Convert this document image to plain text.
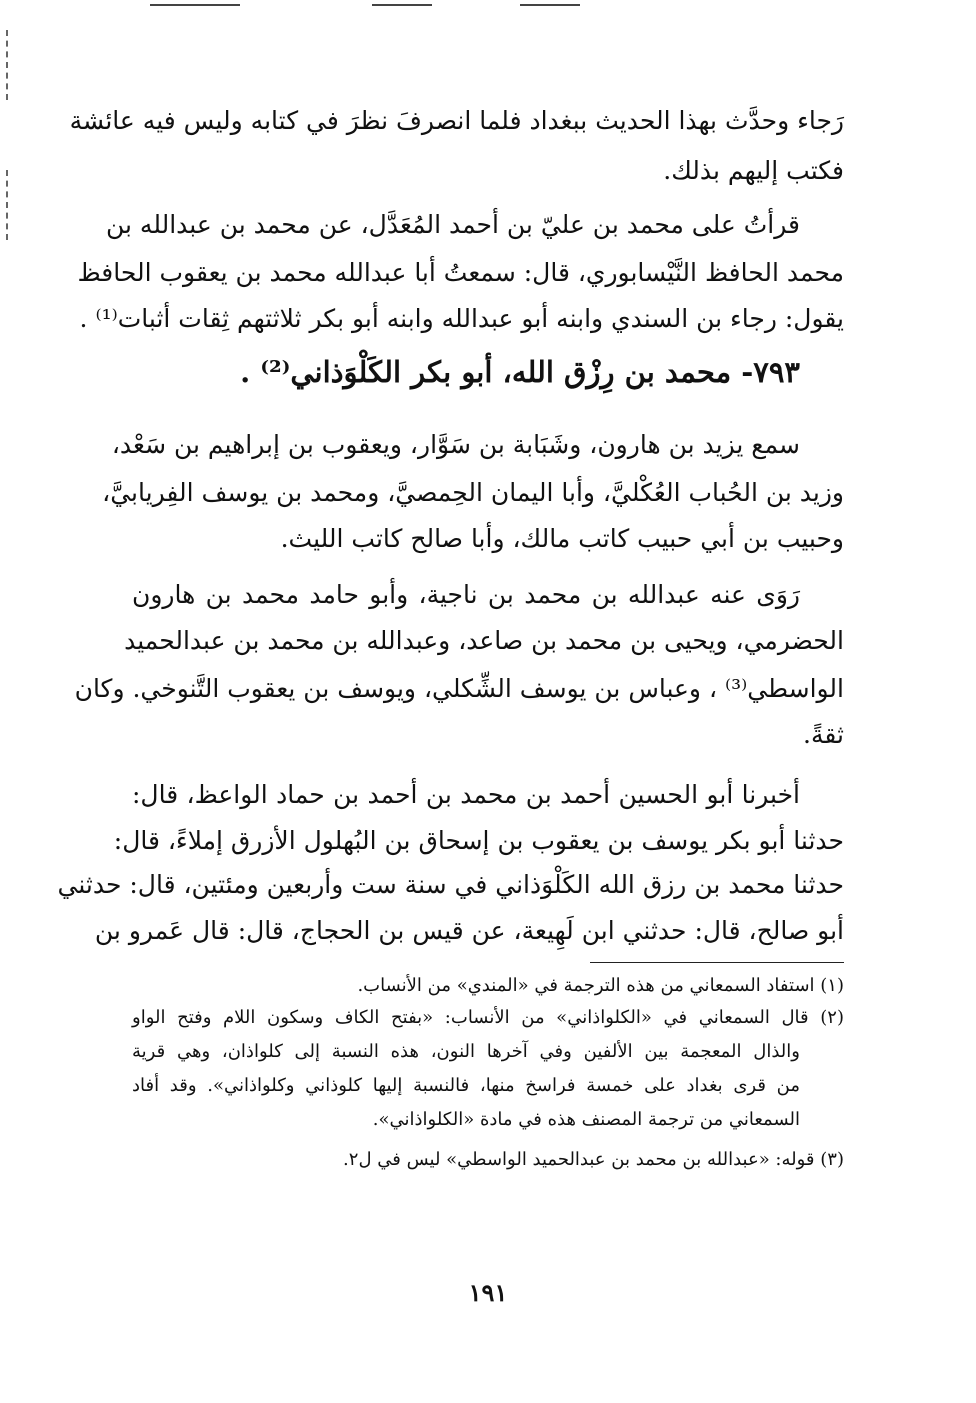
رَجاء وحدَّث بهذا الحديث ببغداد فلما انصرفَ نظرَ في كتابه وليس فيه عائشة
فكتب إليهم بذلك.
قرأتُ على محمد بن عليّ بن أحمد المُعَدَّل، عن محمد بن عبدالله بن
محمد الحافظ النَّيْسابوري، قال: سمعتُ أبا عبدالله محمد بن يعقوب الحافظ
يقول: رجاء بن السندي وابنه أبو عبدالله وابنه أبو بكر ثلاثتهم ثِقات أثبات⁽¹⁾ .
٧٩٣- محمد بن رِزْق الله، أبو بكر الكَلْوَذاني⁽²⁾ .
سمع يزيد بن هارون، وشَبَابة بن سَوَّار، ويعقوب بن إبراهيم بن سَعْد،
وزيد بن الحُباب العُكْليَّ، وأبا اليمان الحِمصيَّ، ومحمد بن يوسف الفِريابيَّ،
وحبيب بن أبي حبيب كاتب مالك، وأبا صالح كاتب الليث.
رَوَى عنه عبدالله بن محمد بن ناجية، وأبو حامد محمد بن هارون
الحضرمي، ويحيى بن محمد بن صاعد، وعبدالله بن محمد بن عبدالحميد
الواسطي⁽³⁾ ، وعباس بن يوسف الشِّكلي، ويوسف بن يعقوب التَّنوخي. وكان
ثقةً.
أخبرنا أبو الحسين أحمد بن محمد بن أحمد بن حماد الواعظ، قال:
حدثنا أبو بكر يوسف بن يعقوب بن إسحاق بن البُهلول الأزرق إملاءً، قال:
حدثنا محمد بن رزق الله الكَلْوَذاني في سنة ست وأربعين ومئتين، قال: حدثني
أبو صالح، قال: حدثني ابن لَهِيعة، عن قيس بن الحجاج، قال: قال عَمرو بن
(١) استفاد السمعاني من هذه الترجمة في «المندي» من الأنساب.
(٢) قال السمعاني في «الكلواذاني» من الأنساب: «بفتح الكاف وسكون اللام وفتح الواو
والذال المعجمة بين الألفين وفي آخرها النون، هذه النسبة إلى كلواذان، وهي قرية
من قرى بغداد على خمسة فراسخ منها، فالنسبة إليها كلوذاني وكلواذاني». وقد أفاد
السمعاني من ترجمة المصنف هذه في مادة «الكلواذاني».
(٣) قوله: «عبدالله بن محمد بن عبدالحميد الواسطي» ليس في ل٢.
١٩١
